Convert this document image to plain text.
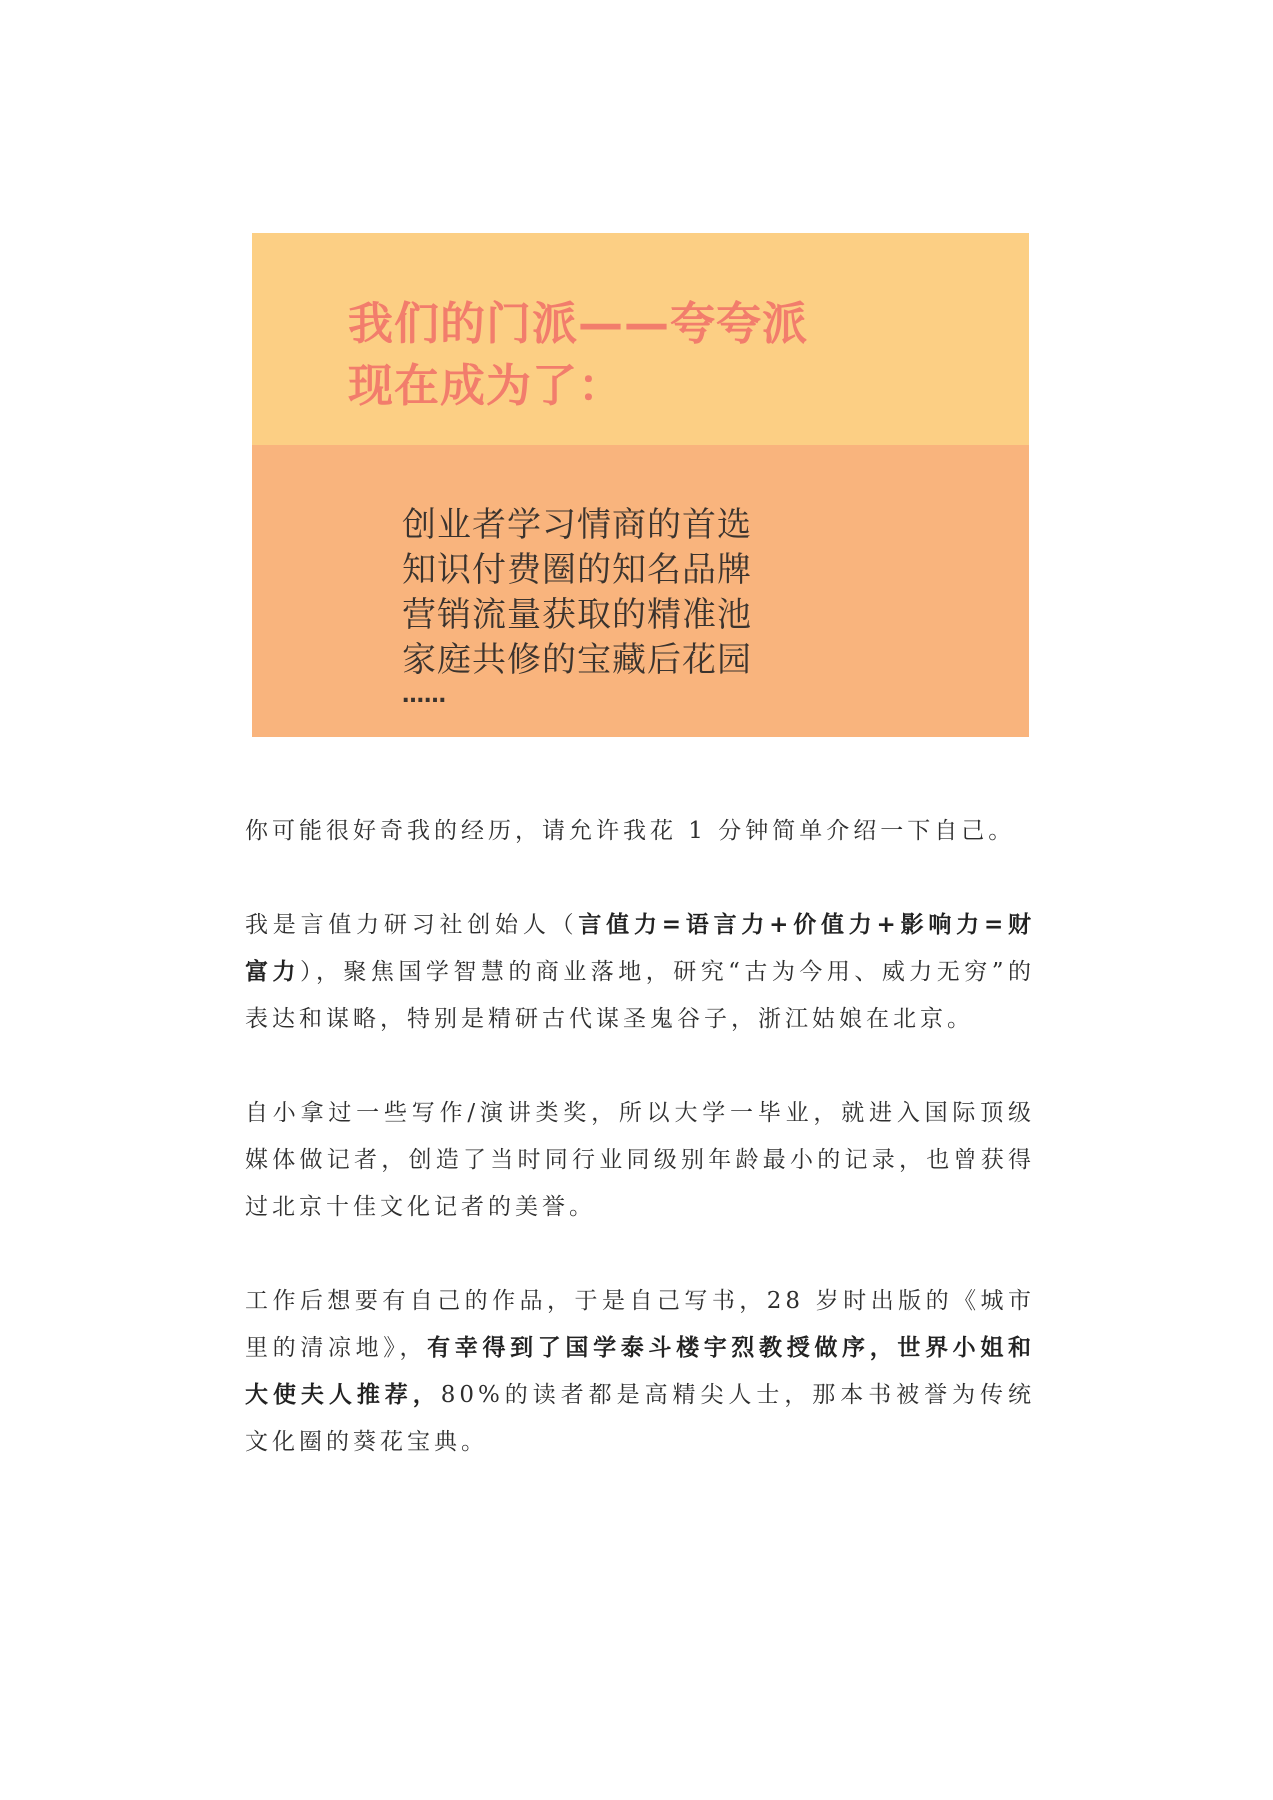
我们的门派——夸夸派
现在成为了：
创业者学习情商的首选
知识付费圈的知名品牌
营销流量获取的精准池
家庭共修的宝藏后花园
……

你可能很好奇我的经历，请允许我花 1 分钟简单介绍一下自己。

我是言值力研习社创始人（言值力=语言力+价值力+影响力=财富力），聚焦国学智慧的商业落地，研究“古为今用、威力无穷”的表达和谋略，特别是精研古代谋圣鬼谷子，浙江姑娘在北京。

自小拿过一些写作/演讲类奖，所以大学一毕业，就进入国际顶级媒体做记者，创造了当时同行业同级别年龄最小的记录，也曾获得过北京十佳文化记者的美誉。

工作后想要有自己的作品，于是自己写书，28 岁时出版的《城市里的清凉地》，有幸得到了国学泰斗楼宇烈教授做序，世界小姐和大使夫人推荐，80%的读者都是高精尖人士，那本书被誉为传统文化圈的葵花宝典。
